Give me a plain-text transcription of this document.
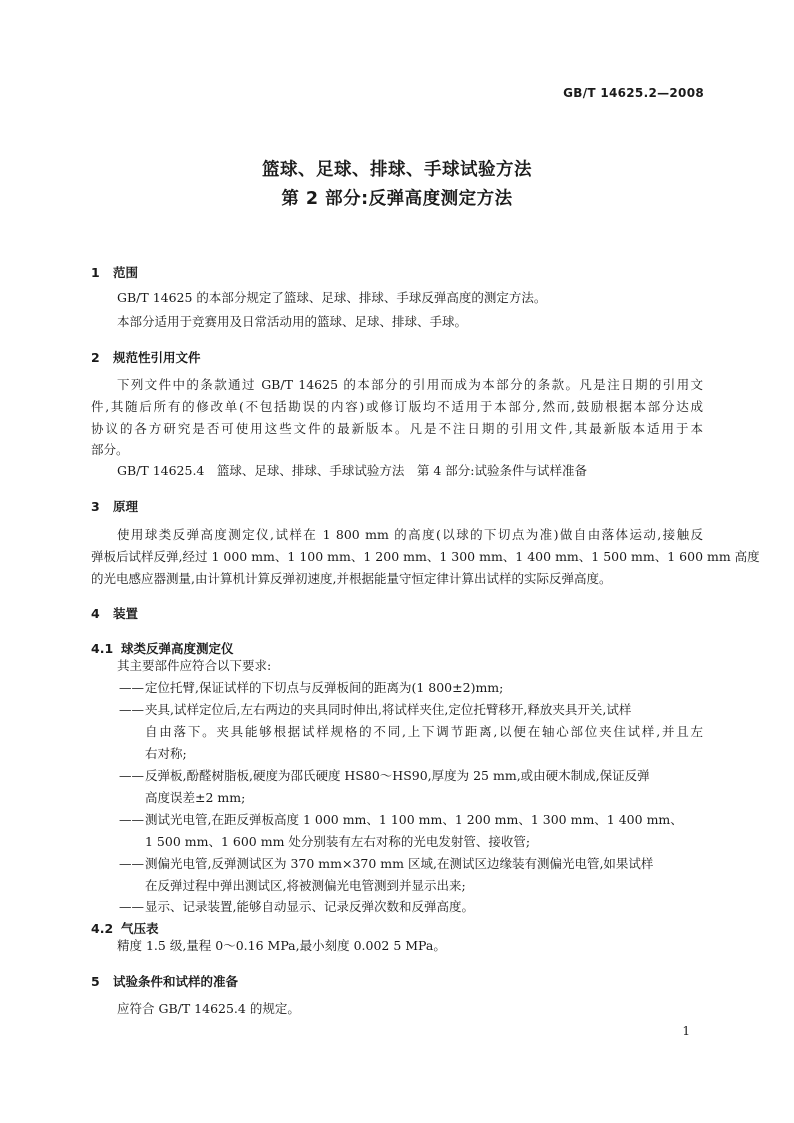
GB/T 14625.2—2008
篮球、足球、排球、手球试验方法
第 2 部分:反弹高度测定方法
1 范围
GB/T 14625 的本部分规定了篮球、足球、排球、手球反弹高度的测定方法。
本部分适用于竞赛用及日常活动用的篮球、足球、排球、手球。
2 规范性引用文件
下列文件中的条款通过 GB/T 14625 的本部分的引用而成为本部分的条款。凡是注日期的引用文
件,其随后所有的修改单(不包括勘误的内容)或修订版均不适用于本部分,然而,鼓励根据本部分达成
协议的各方研究是否可使用这些文件的最新版本。凡是不注日期的引用文件,其最新版本适用于本
部分。
GB/T 14625.4　篮球、足球、排球、手球试验方法　第 4 部分:试验条件与试样准备
3 原理
使用球类反弹高度测定仪,试样在 1 800 mm 的高度(以球的下切点为准)做自由落体运动,接触反
弹板后试样反弹,经过 1 000 mm、1 100 mm、1 200 mm、1 300 mm、1 400 mm、1 500 mm、1 600 mm 高度
的光电感应器测量,由计算机计算反弹初速度,并根据能量守恒定律计算出试样的实际反弹高度。
4 装置
4.1 球类反弹高度测定仪
其主要部件应符合以下要求:
——定位托臂,保证试样的下切点与反弹板间的距离为(1 800±2)mm;
——夹具,试样定位后,左右两边的夹具同时伸出,将试样夹住,定位托臂移开,释放夹具开关,试样
自由落下。夹具能够根据试样规格的不同,上下调节距离,以便在轴心部位夹住试样,并且左
右对称;
——反弹板,酚醛树脂板,硬度为邵氏硬度 HS80～HS90,厚度为 25 mm,或由硬木制成,保证反弹
高度误差±2 mm;
——测试光电管,在距反弹板高度 1 000 mm、1 100 mm、1 200 mm、1 300 mm、1 400 mm、
1 500 mm、1 600 mm 处分别装有左右对称的光电发射管、接收管;
——测偏光电管,反弹测试区为 370 mm×370 mm 区域,在测试区边缘装有测偏光电管,如果试样
在反弹过程中弹出测试区,将被测偏光电管测到并显示出来;
——显示、记录装置,能够自动显示、记录反弹次数和反弹高度。
4.2 气压表
精度 1.5 级,量程 0～0.16 MPa,最小刻度 0.002 5 MPa。
5 试验条件和试样的准备
应符合 GB/T 14625.4 的规定。
1
